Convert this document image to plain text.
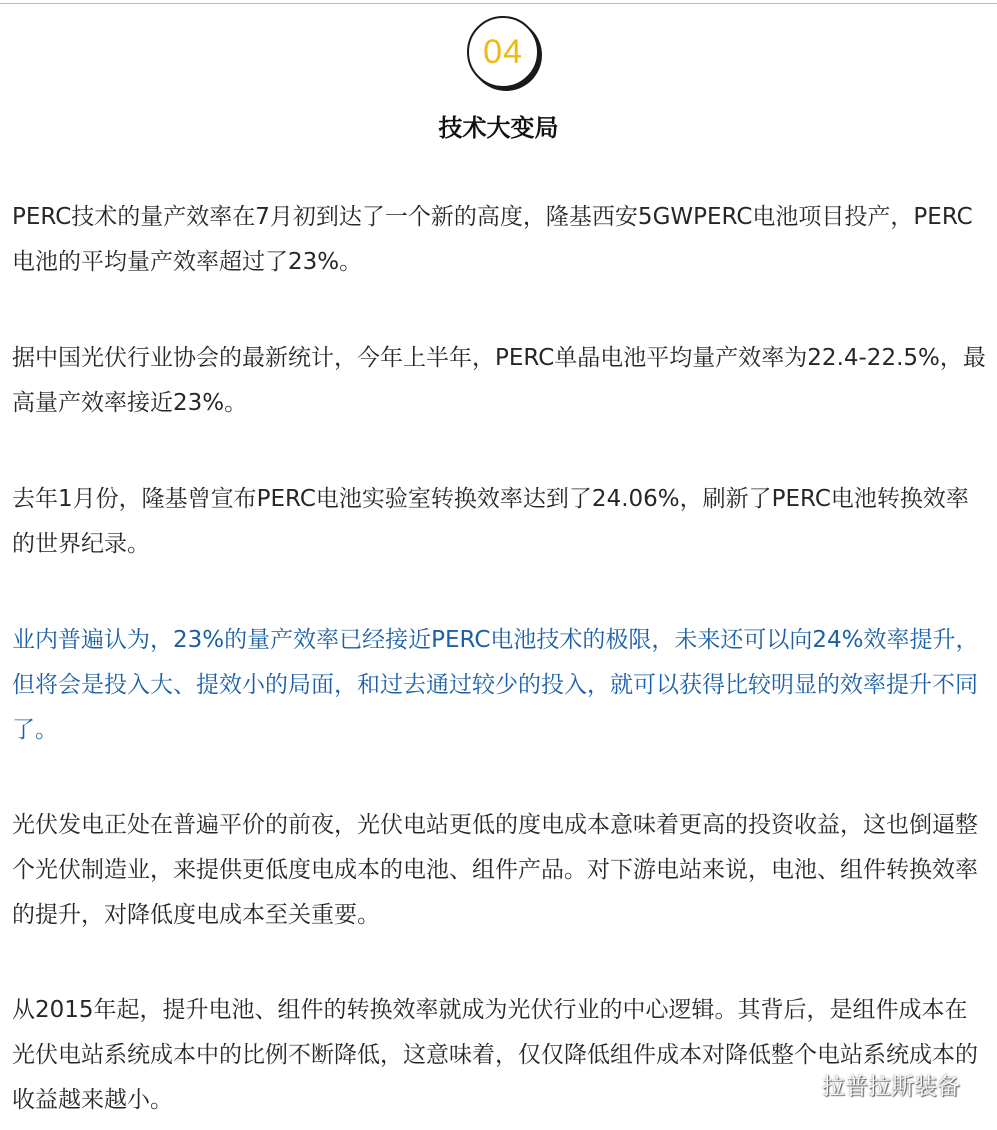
04
技术大变局

PERC技术的量产效率在7月初到达了一个新的高度，隆基西安5GWPERC电池项目投产，PERC电池的平均量产效率超过了23%。

据中国光伏行业协会的最新统计，今年上半年，PERC单晶电池平均量产效率为22.4-22.5%，最高量产效率接近23%。

去年1月份，隆基曾宣布PERC电池实验室转换效率达到了24.06%，刷新了PERC电池转换效率的世界纪录。

业内普遍认为，23%的量产效率已经接近PERC电池技术的极限，未来还可以向24%效率提升，但将会是投入大、提效小的局面，和过去通过较少的投入，就可以获得比较明显的效率提升不同了。

光伏发电正处在普遍平价的前夜，光伏电站更低的度电成本意味着更高的投资收益，这也倒逼整个光伏制造业，来提供更低度电成本的电池、组件产品。对下游电站来说，电池、组件转换效率的提升，对降低度电成本至关重要。

从2015年起，提升电池、组件的转换效率就成为光伏行业的中心逻辑。其背后，是组件成本在光伏电站系统成本中的比例不断降低，这意味着，仅仅降低组件成本对降低整个电站系统成本的收益越来越小。	拉普拉斯装备
